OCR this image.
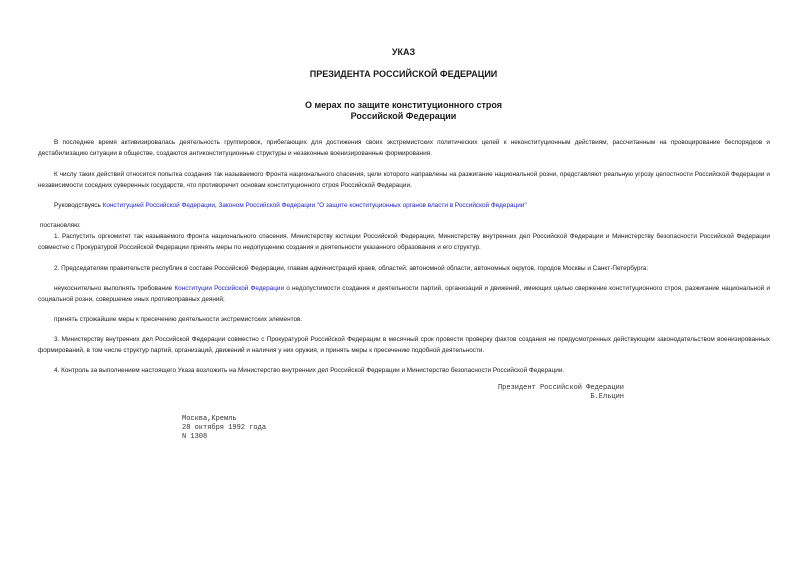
УКАЗ
ПРЕЗИДЕНТА РОССИЙСКОЙ ФЕДЕРАЦИИ
О мерах по защите конституционного строя
Российской Федерации
В последнее время активизировалась деятельность группировок, прибегающих для достижения своих экстремистских политических целей к неконституционным действиям, рассчитанным на провоцирование беспорядков и дестабилизацию ситуации в обществе, создаются антиконституционные структуры и незаконные военизированные формирования.
К числу таких действий относится попытка создания так называемого Фронта национального спасения, цели которого направлены на разжигание национальной розни, представляют реальную угрозу целостности Российской Федерации и независимости соседних суверенных государств, что противоречит основам конституционного строя Российской Федерации.
Руководствуясь Конституцией Российской Федерации, Законом Российской Федерации "О защите конституционных органов власти в Российской Федерации"
постановляю:
1. Распустить оргкомитет так называемого Фронта национального спасения. Министерству юстиции Российской Федерации, Министерству внутренних дел Российской Федерации и Министерству безопасности Российской Федерации совместно с Прокуратурой Российской Федерации принять меры по недопущению создания и деятельности указанного образования и его структур.
2. Председателям правительств республик в составе Российской Федерации, главам администраций краев, областей, автономной области, автономных округов, городов Москвы и Санкт-Петербурга:
неукоснительно выполнять требование Конституции Российской Федерации о недопустимости создания и деятельности партий, организаций и движений, имеющих целью свержение конституционного строя, разжигание национальной и социальной розни, совершение иных противоправных деяний;
принять строжайшие меры к пресечению деятельности экстремистских элементов.
3. Министерству внутренних дел Российской Федерации совместно с Прокуратурой Российской Федерации в месячный срок провести проверку фактов создания не предусмотренных действующим законодательством военизированных формирований, в том числе структур партий, организаций, движений и наличия у них оружия, и принять меры к пресечению подобной деятельности.
4. Контроль за выполнением настоящего Указа возложить на Министерство внутренних дел Российской Федерации и Министерство безопасности Российской Федерации.
Президент Российской Федерации
Б.Ельцин
Москва,Кремль
28 октября 1992 года
N 1308
